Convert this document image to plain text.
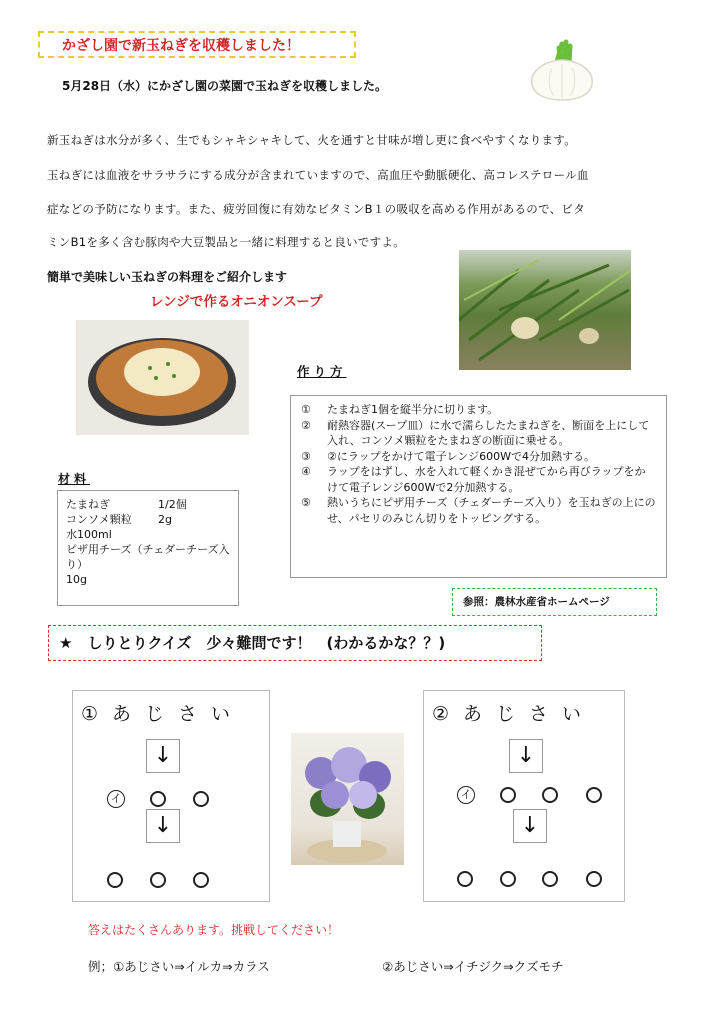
かざし園で新玉ねぎを収穫しました！
5月28日（水）にかざし園の菜園で玉ねぎを収穫しました。
新玉ねぎは水分が多く、生でもシャキシャキして、火を通すと甘味が増し更に食べやすくなります。
玉ねぎには血液をサラサラにする成分が含まれていますので、高血圧や動脈硬化、高コレステロール血
症などの予防になります。また、疲労回復に有効なビタミンB１の吸収を高める作用があるので、ビタ
ミンB1を多く含む豚肉や大豆製品と一緒に料理すると良いですよ。
簡単で美味しい玉ねぎの料理をご紹介します
レンジで作るオニオンスープ
作り方
①	たまねぎ1個を縦半分に切ります。
②	耐熱容器(スープ皿）に水で濡らしたたまねぎを、断面を上にして入れ、コンソメ顆粒をたまねぎの断面に乗せる。
③	②にラップをかけて電子レンジ600Wで4分加熱する。
④	ラップをはずし、水を入れて軽くかき混ぜてから再びラップをかけて電子レンジ600Wで2分加熱する。
⑤	熱いうちにピザ用チーズ（チェダーチーズ入り）を玉ねぎの上にのせ、パセリのみじん切りをトッピングする。
材料
たまねぎ	1/2個
コンソメ顆粒	2g
水100ml
ピザ用チーズ（チェダーチーズ入り）
10g
参照：農林水産省ホームページ
★　しりとりクイズ　少々難問です！　(わかるかな？？)
①あじさい
↓
イ
↓
②あじさい
↓
イ
↓
答えはたくさんあります。挑戦してください！
例；①あじさい⇒イルカ⇒カラス	②あじさい⇒イチジク⇒クズモチ
